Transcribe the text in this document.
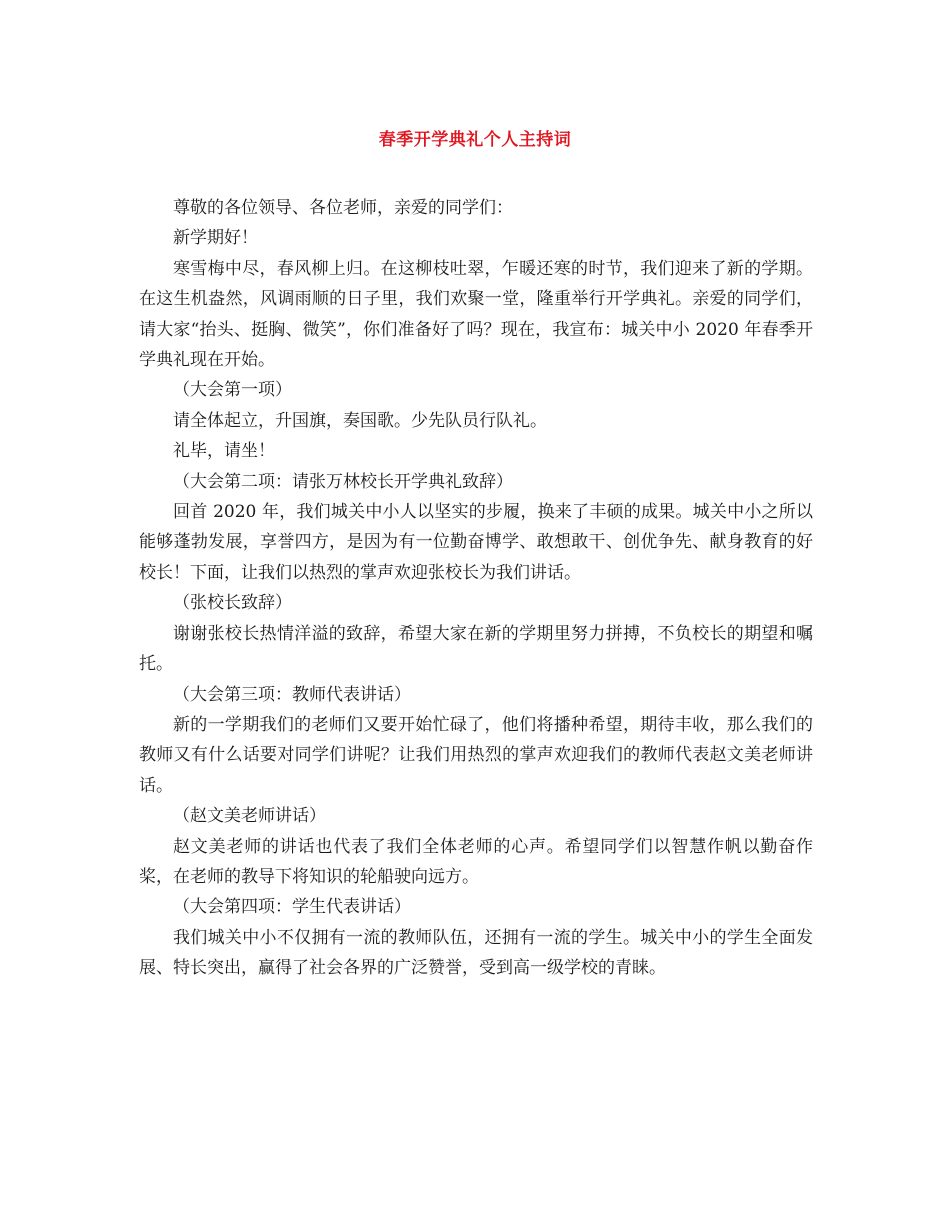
春季开学典礼个人主持词

尊敬的各位领导、各位老师，亲爱的同学们：

新学期好！

寒雪梅中尽，春风柳上归。在这柳枝吐翠，乍暖还寒的时节，我们迎来了新的学期。在这生机盎然，风调雨顺的日子里，我们欢聚一堂，隆重举行开学典礼。亲爱的同学们，请大家“抬头、挺胸、微笑”，你们准备好了吗？现在，我宣布：城关中小 2020 年春季开学典礼现在开始。

（大会第一项）

请全体起立，升国旗，奏国歌。少先队员行队礼。

礼毕，请坐！

（大会第二项：请张万林校长开学典礼致辞）

回首 2020 年，我们城关中小人以坚实的步履，换来了丰硕的成果。城关中小之所以能够蓬勃发展，享誉四方，是因为有一位勤奋博学、敢想敢干、创优争先、献身教育的好校长！下面，让我们以热烈的掌声欢迎张校长为我们讲话。

（张校长致辞）

谢谢张校长热情洋溢的致辞，希望大家在新的学期里努力拼搏，不负校长的期望和嘱托。

（大会第三项：教师代表讲话）

新的一学期我们的老师们又要开始忙碌了，他们将播种希望，期待丰收，那么我们的教师又有什么话要对同学们讲呢？让我们用热烈的掌声欢迎我们的教师代表赵文美老师讲话。

（赵文美老师讲话）

赵文美老师的讲话也代表了我们全体老师的心声。希望同学们以智慧作帆以勤奋作桨，在老师的教导下将知识的轮船驶向远方。

（大会第四项：学生代表讲话）

我们城关中小不仅拥有一流的教师队伍，还拥有一流的学生。城关中小的学生全面发展、特长突出，赢得了社会各界的广泛赞誉，受到高一级学校的青睐。
